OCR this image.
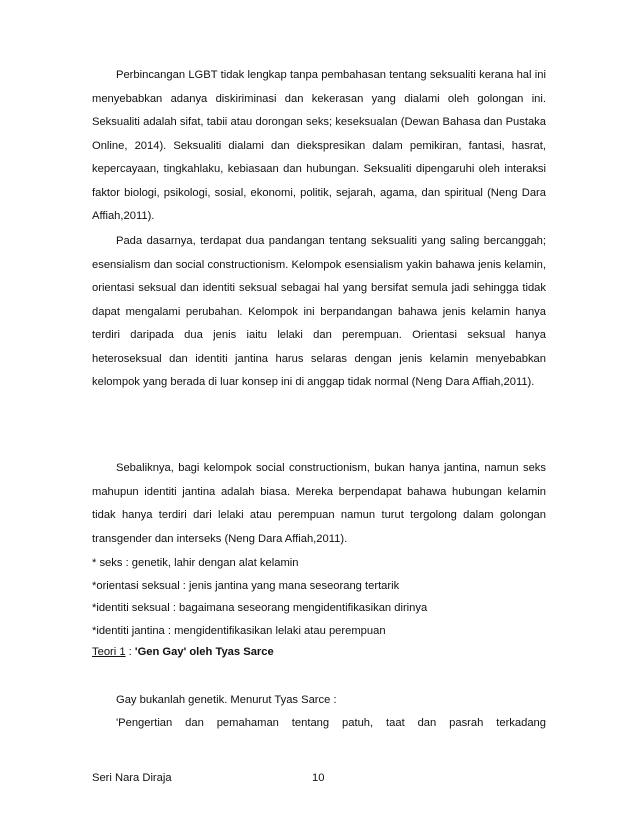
Perbincangan LGBT tidak lengkap tanpa pembahasan tentang seksualiti kerana hal ini menyebabkan adanya diskiriminasi dan kekerasan yang dialami oleh golongan ini. Seksualiti adalah sifat, tabii atau dorongan seks; keseksualan (Dewan Bahasa dan Pustaka Online, 2014). Seksualiti dialami dan diekspresikan dalam pemikiran, fantasi, hasrat, kepercayaan, tingkahlaku, kebiasaan dan hubungan. Seksualiti dipengaruhi oleh interaksi faktor biologi, psikologi, sosial, ekonomi, politik, sejarah, agama, dan spiritual (Neng Dara Affiah,2011).

Pada dasarnya, terdapat dua pandangan tentang seksualiti yang saling bercanggah; esensialism dan social constructionism. Kelompok esensialism yakin bahawa jenis kelamin, orientasi seksual dan identiti seksual sebagai hal yang bersifat semula jadi sehingga tidak dapat mengalami perubahan. Kelompok ini berpandangan bahawa jenis kelamin hanya terdiri daripada dua jenis iaitu lelaki dan perempuan. Orientasi seksual hanya heteroseksual dan identiti jantina harus selaras dengan jenis kelamin menyebabkan kelompok yang berada di luar konsep ini di anggap tidak normal (Neng Dara Affiah,2011).

Sebaliknya, bagi kelompok social constructionism, bukan hanya jantina, namun seks mahupun identiti jantina adalah biasa. Mereka berpendapat bahawa hubungan kelamin tidak hanya terdiri dari lelaki atau perempuan namun turut tergolong dalam golongan transgender dan interseks (Neng Dara Affiah,2011).

* seks : genetik, lahir dengan alat kelamin
*orientasi seksual : jenis jantina yang mana seseorang tertarik
*identiti seksual : bagaimana seseorang mengidentifikasikan dirinya
*identiti jantina : mengidentifikasikan lelaki atau perempuan
Teori 1 : 'Gen Gay' oleh Tyas Sarce
Gay bukanlah genetik. Menurut Tyas Sarce :

'Pengertian dan pemahaman tentang patuh, taat dan pasrah terkadang

Seri Nara Diraja	10
